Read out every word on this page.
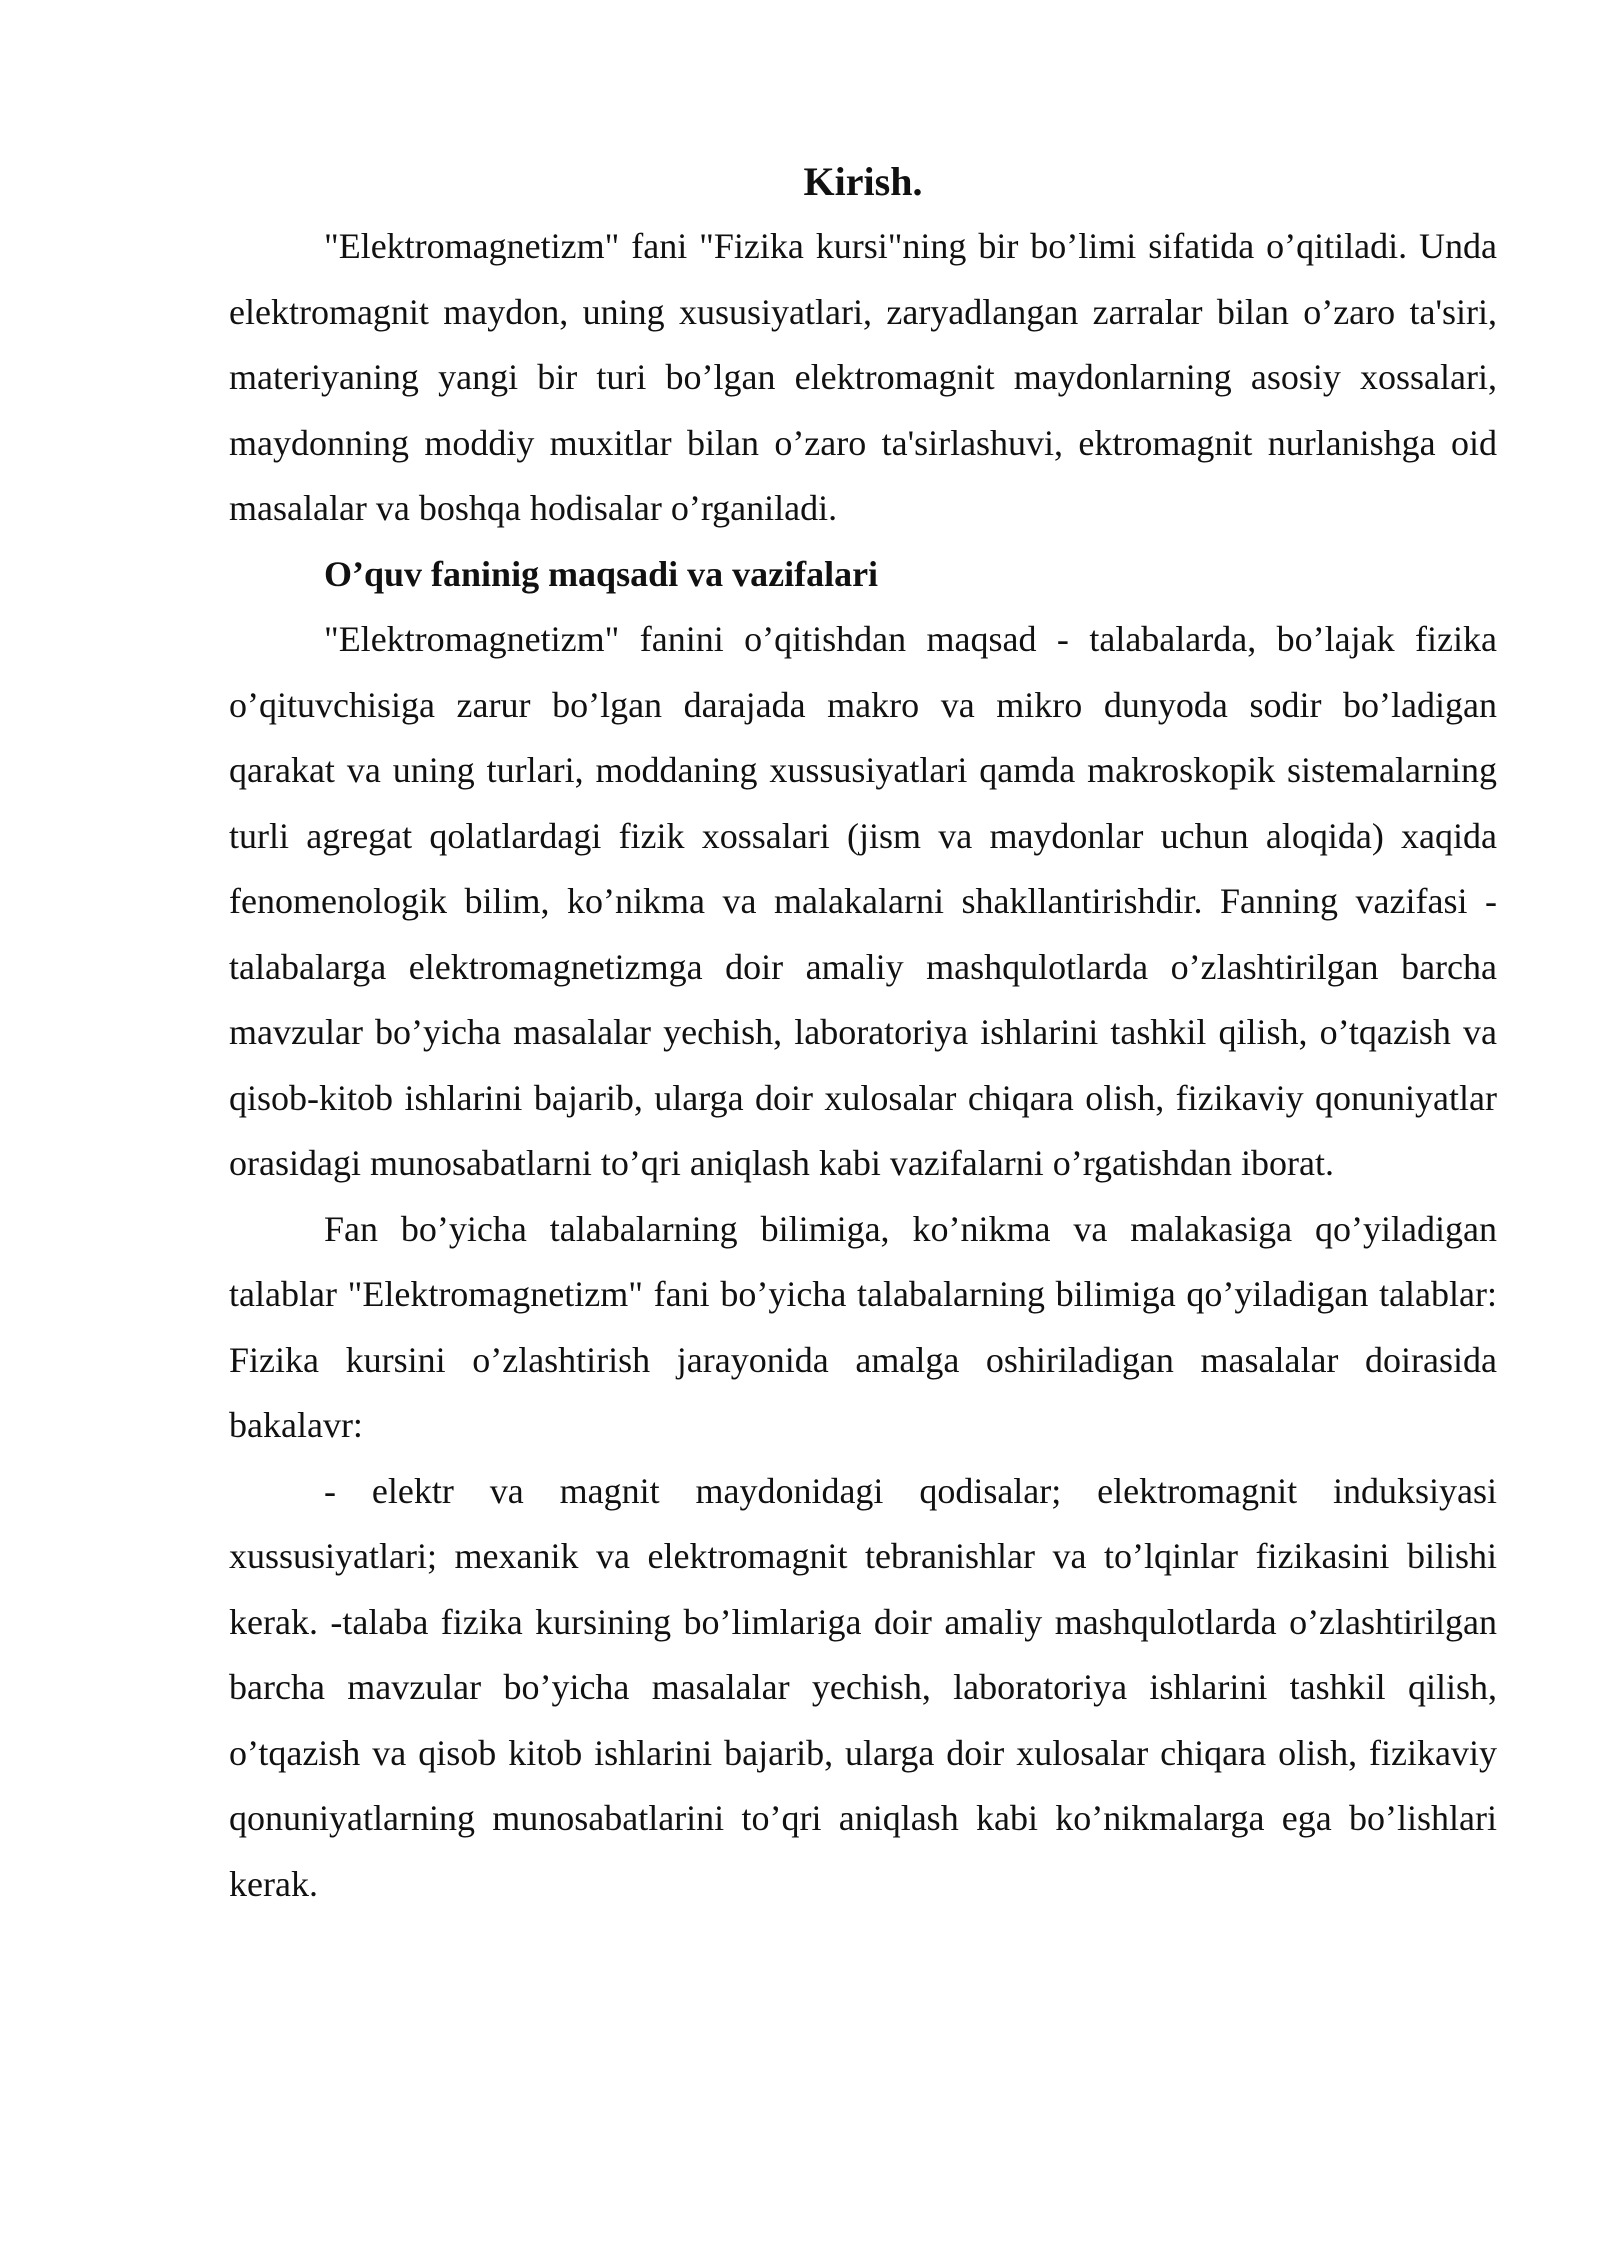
Kirish.

"Elektromagnetizm" fani "Fizika kursi"ning bir bo’limi sifatida o’qitiladi. Unda elektromagnit maydon, uning xususiyatlari, zaryadlangan zarralar bilan o’zaro ta'siri, materiyaning yangi bir turi bo’lgan elektromagnit maydonlarning asosiy xossalari, maydonning moddiy muxitlar bilan o’zaro ta'sirlashuvi, ektromagnit nurlanishga oid masalalar va boshqa hodisalar o’rganiladi.

O’quv faninig maqsadi va vazifalari

"Elektromagnetizm" fanini o’qitishdan maqsad - talabalarda, bo’lajak fizika o’qituvchisiga zarur bo’lgan darajada makro va mikro dunyoda sodir bo’ladigan qarakat va uning turlari, moddaning xussusiyatlari qamda makroskopik sistemalarning turli agregat qolatlardagi fizik xossalari (jism va maydonlar uchun aloqida) xaqida fenomenologik bilim, ko’nikma va malakalarni shakllantirishdir. Fanning vazifasi - talabalarga elektromagnetizmga doir amaliy mashqulotlarda o’zlashtirilgan barcha mavzular bo’yicha masalalar yechish, laboratoriya ishlarini tashkil qilish, o’tqazish va qisob-kitob ishlarini bajarib, ularga doir xulosalar chiqara olish, fizikaviy qonuniyatlar orasidagi munosabatlarni to’qri aniqlash kabi vazifalarni o’rgatishdan iborat.

Fan bo’yicha talabalarning bilimiga, ko’nikma va malakasiga qo’yiladigan talablar "Elektromagnetizm" fani bo’yicha talabalarning bilimiga qo’yiladigan talablar: Fizika kursini o’zlashtirish jarayonida amalga oshiriladigan masalalar doirasida bakalavr:

- elektr va magnit maydonidagi qodisalar; elektromagnit induksiyasi xussusiyatlari; mexanik va elektromagnit tebranishlar va to’lqinlar fizikasini bilishi kerak. -talaba fizika kursining bo’limlariga doir amaliy mashqulotlarda o’zlashtirilgan barcha mavzular bo’yicha masalalar yechish, laboratoriya ishlarini tashkil qilish, o’tqazish va qisob kitob ishlarini bajarib, ularga doir xulosalar chiqara olish, fizikaviy qonuniyatlarning munosabatlarini to’qri aniqlash kabi ko’nikmalarga ega bo’lishlari kerak.
